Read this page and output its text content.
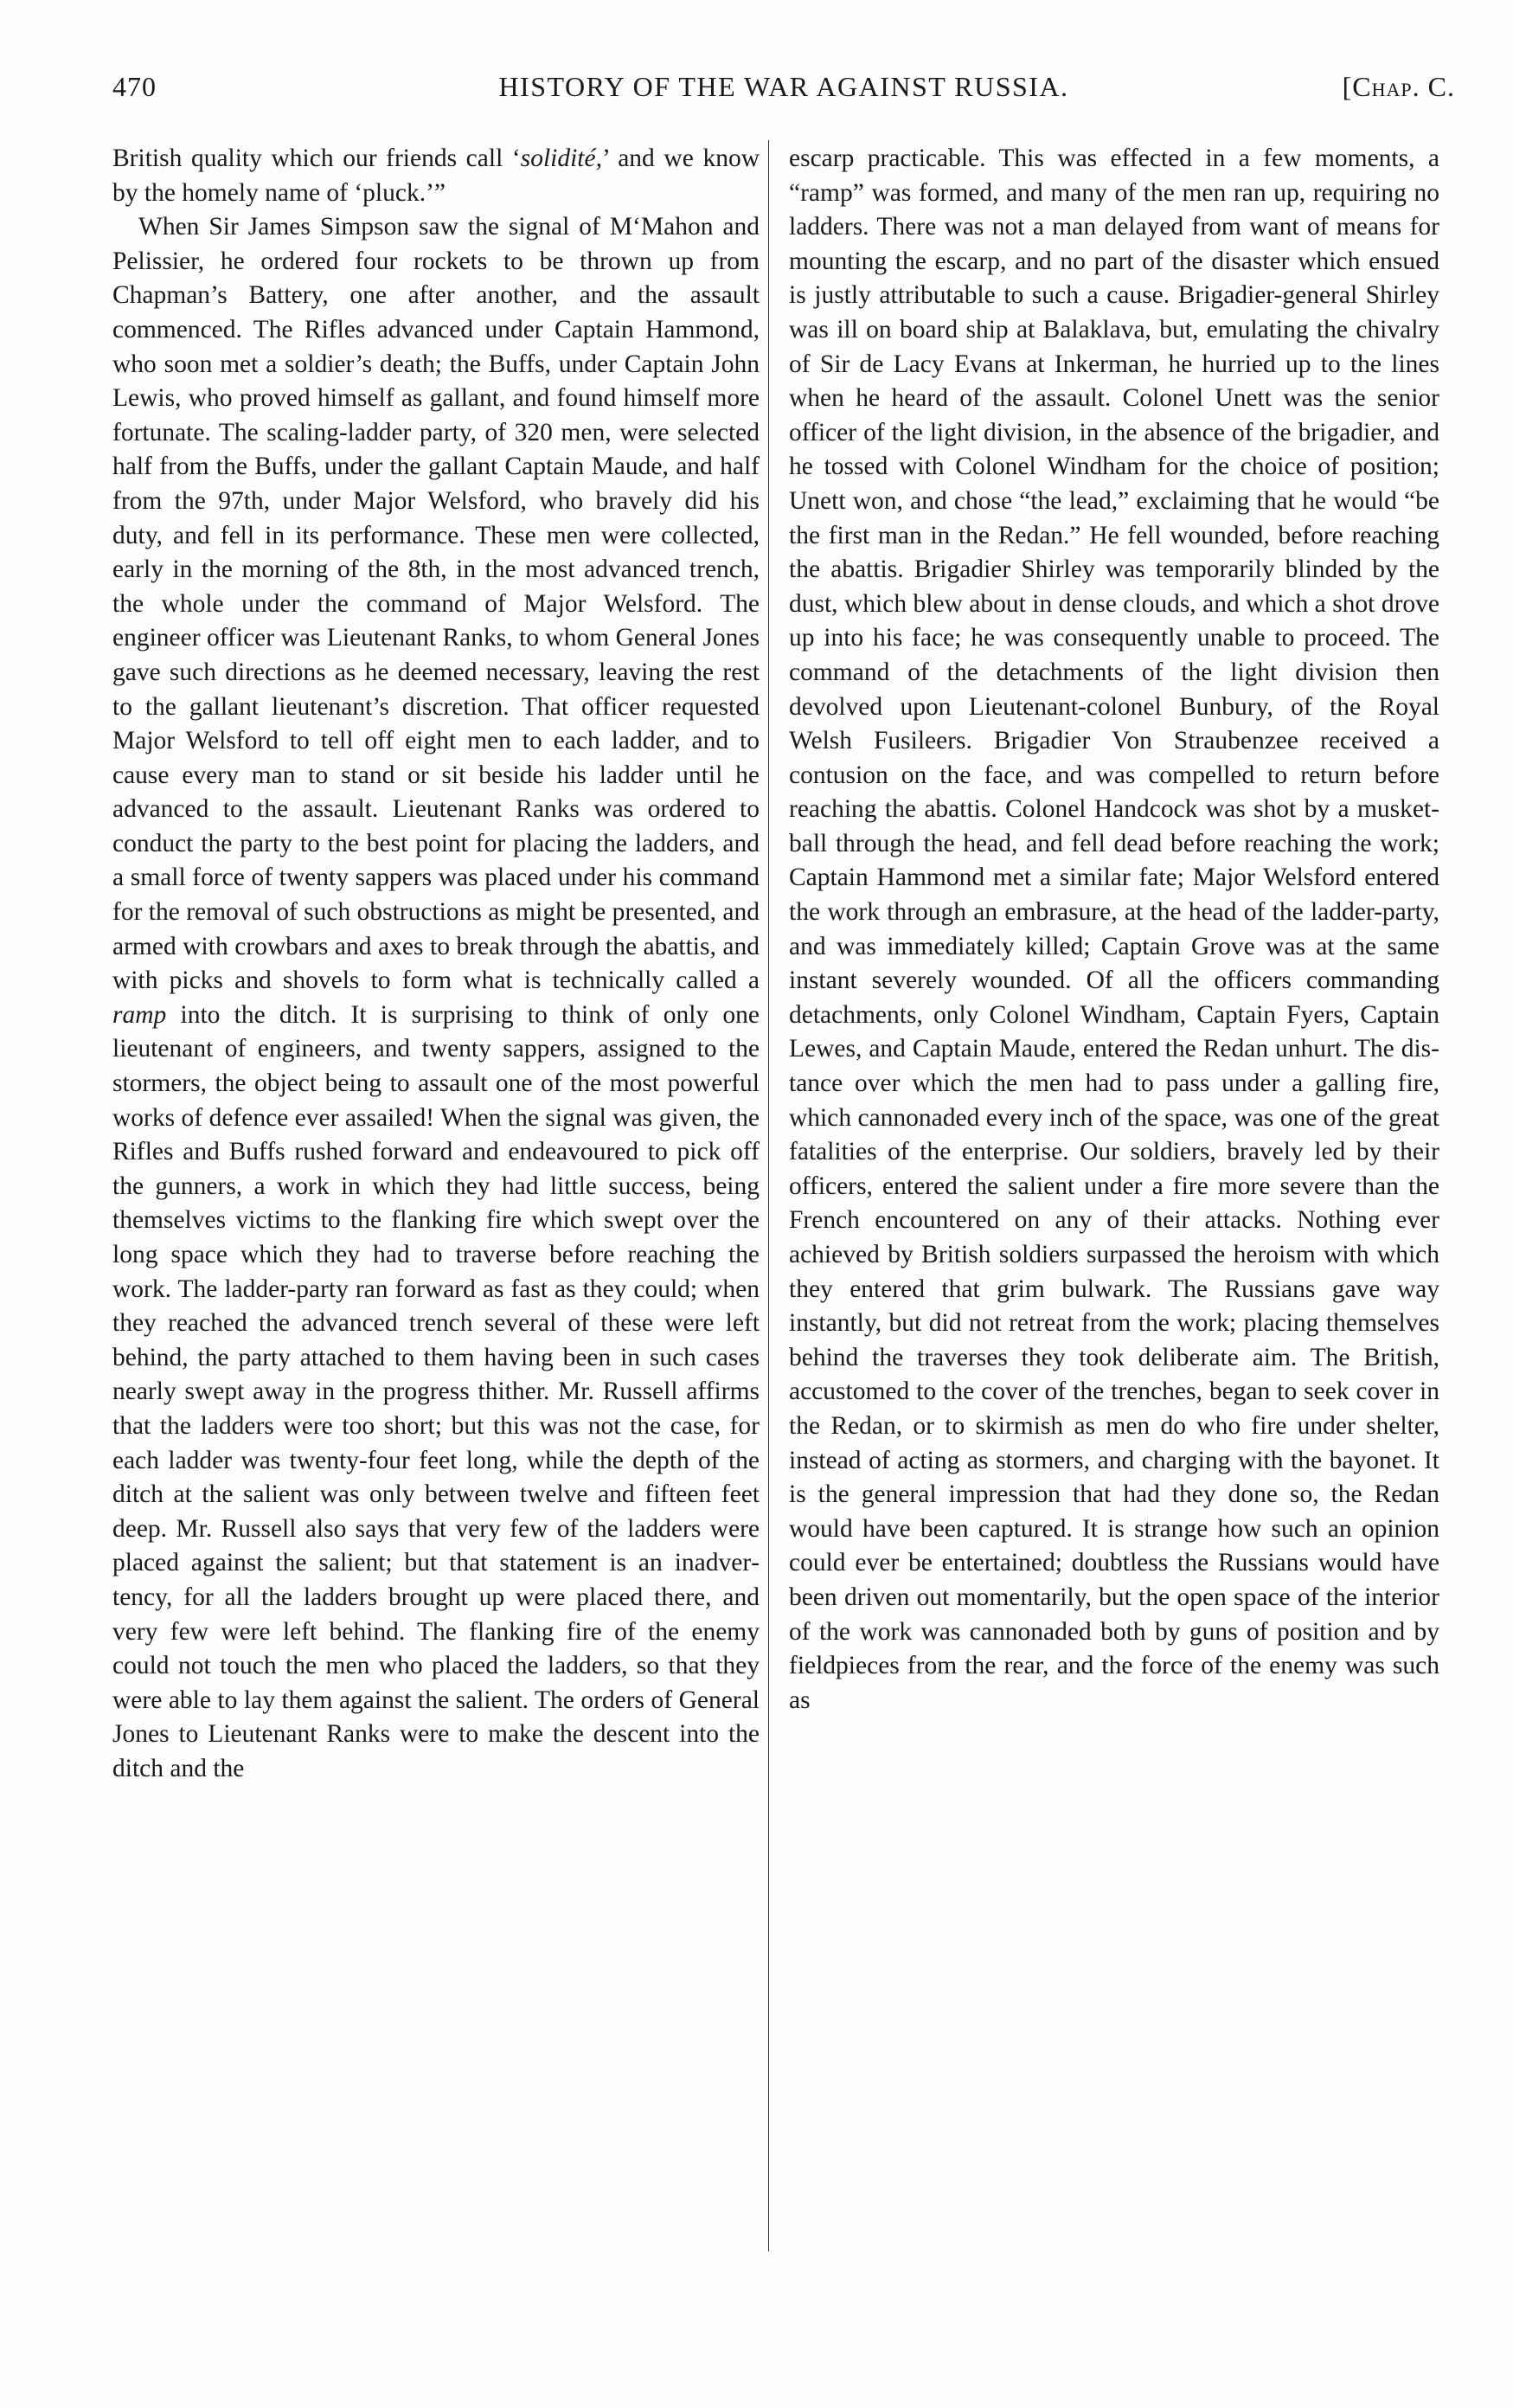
470	HISTORY OF THE WAR AGAINST RUSSIA.	[Chap. C.

British quality which our friends call ‘solidité,’ and we know by the homely name of ‘pluck.’”

When Sir James Simpson saw the signal of M‘Mahon and Pelissier, he ordered four rockets to be thrown up from Chapman’s Battery, one after another, and the assault commenced. The Rifles advanced under Captain Hammond, who soon met a soldier’s death; the Buffs, under Captain John Lewis, who proved himself as gallant, and found himself more fortunate. The scaling-ladder party, of 320 men, were selected half from the Buffs, under the gallant Captain Maude, and half from the 97th, under Major Welsford, who bravely did his duty, and fell in its performance. These men were collected, early in the morning of the 8th, in the most advanced trench, the whole under the command of Major Welsford. The engineer officer was Lieutenant Ranks, to whom General Jones gave such directions as he deemed necessary, leaving the rest to the gallant lieutenant’s discretion. That officer requested Major Welsford to tell off eight men to each ladder, and to cause every man to stand or sit beside his ladder until he advanced to the assault. Lieutenant Ranks was ordered to conduct the party to the best point for placing the ladders, and a small force of twenty sappers was placed under his command for the removal of such obstructions as might be presented, and armed with crowbars and axes to break through the abattis, and with picks and shovels to form what is technically called a ramp into the ditch. It is surprising to think of only one lieutenant of engineers, and twenty sappers, assigned to the stormers, the object being to assault one of the most powerful works of defence ever assailed! When the signal was given, the Rifles and Buffs rushed forward and endeavoured to pick off the gunners, a work in which they had little success, being themselves victims to the flanking fire which swept over the long space which they had to traverse before reaching the work. The ladder-party ran forward as fast as they could; when they reached the advanced trench several of these were left behind, the party attached to them having been in such cases nearly swept away in the progress thither. Mr. Russell affirms that the ladders were too short; but this was not the case, for each ladder was twenty-four feet long, while the depth of the ditch at the salient was only between twelve and fifteen feet deep. Mr. Russell also says that very few of the ladders were placed against the salient; but that statement is an inadvertency, for all the ladders brought up were placed there, and very few were left behind. The flanking fire of the enemy could not touch the men who placed the ladders, so that they were able to lay them against the salient. The orders of General Jones to Lieutenant Ranks were to make the descent into the ditch and the

escarp practicable. This was effected in a few moments, a “ramp” was formed, and many of the men ran up, requiring no ladders. There was not a man delayed from want of means for mounting the escarp, and no part of the disaster which ensued is justly attributable to such a cause. Brigadier-general Shirley was ill on board ship at Balaklava, but, emulating the chivalry of Sir de Lacy Evans at Inkerman, he hurried up to the lines when he heard of the assault. Colonel Unett was the senior officer of the light division, in the absence of the brigadier, and he tossed with Colonel Windham for the choice of position; Unett won, and chose “the lead,” exclaiming that he would “be the first man in the Redan.” He fell wounded, before reaching the abattis. Brigadier Shirley was temporarily blinded by the dust, which blew about in dense clouds, and which a shot drove up into his face; he was consequently unable to proceed. The command of the detachments of the light division then devolved upon Lieutenant-colonel Bunbury, of the Royal Welsh Fusileers. Brigadier Von Straubenzee received a contusion on the face, and was compelled to return before reaching the abattis. Colonel Handcock was shot by a musket-ball through the head, and fell dead before reaching the work; Captain Hammond met a similar fate; Major Welsford entered the work through an embrasure, at the head of the ladder-party, and was immediately killed; Captain Grove was at the same instant severely wounded. Of all the officers commanding detachments, only Colonel Windham, Captain Fyers, Captain Lewes, and Captain Maude, entered the Redan unhurt. The distance over which the men had to pass under a galling fire, which cannonaded every inch of the space, was one of the great fatalities of the enterprise. Our soldiers, bravely led by their officers, entered the salient under a fire more severe than the French encountered on any of their attacks. Nothing ever achieved by British soldiers surpassed the heroism with which they entered that grim bulwark. The Russians gave way instantly, but did not retreat from the work; placing themselves behind the traverses they took deliberate aim. The British, accustomed to the cover of the trenches, began to seek cover in the Redan, or to skirmish as men do who fire under shelter, instead of acting as stormers, and charging with the bayonet. It is the general impression that had they done so, the Redan would have been captured. It is strange how such an opinion could ever be entertained; doubtless the Russians would have been driven out momentarily, but the open space of the interior of the work was cannonaded both by guns of position and by fieldpieces from the rear, and the force of the enemy was such as
